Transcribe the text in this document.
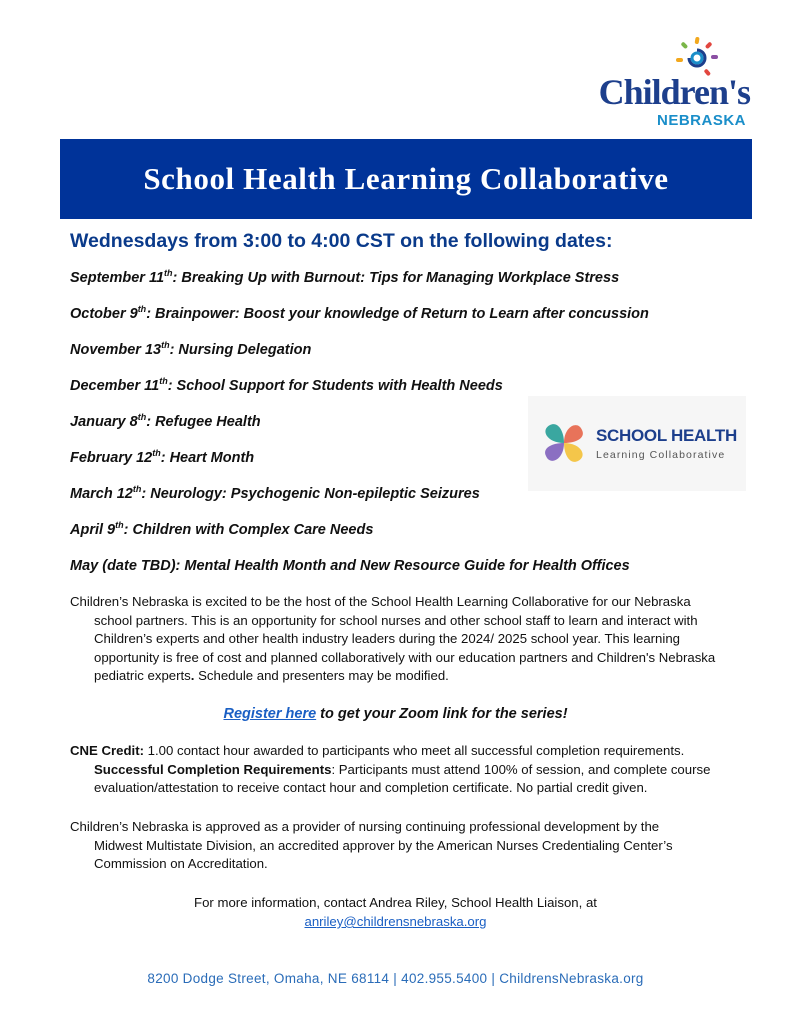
Children's
NEBRASKA
School Health Learning Collaborative
Wednesdays from 3:00 to 4:00 CST on the following dates:
September 11th: Breaking Up with Burnout: Tips for Managing Workplace Stress
October 9th: Brainpower: Boost your knowledge of Return to Learn after concussion
November 13th: Nursing Delegation
December 11th: School Support for Students with Health Needs
January 8th: Refugee Health
February 12th: Heart Month
March 12th: Neurology: Psychogenic Non-epileptic Seizures
April 9th: Children with Complex Care Needs
May (date TBD): Mental Health Month and New Resource Guide for Health Offices
SCHOOL HEALTH
Learning Collaborative
Children’s Nebraska is excited to be the host of the School Health Learning Collaborative for our Nebraska
school partners. This is an opportunity for school nurses and other school staff to learn and interact with Children’s experts and other health industry leaders during the 2024/ 2025 school year. This learning opportunity is free of cost and planned collaboratively with our education partners and Children's Nebraska pediatric experts. Schedule and presenters may be modified.
Register here to get your Zoom link for the series!
CNE Credit: 1.00 contact hour awarded to participants who meet all successful completion requirements.
Successful Completion Requirements: Participants must attend 100% of session, and complete course evaluation/attestation to receive contact hour and completion certificate. No partial credit given.
Children’s Nebraska is approved as a provider of nursing continuing professional development by the
Midwest Multistate Division, an accredited approver by the American Nurses Credentialing Center’s Commission on Accreditation.
For more information, contact Andrea Riley, School Health Liaison, at
anriley@childrensnebraska.org
8200 Dodge Street, Omaha, NE 68114 | 402.955.5400 | ChildrensNebraska.org
